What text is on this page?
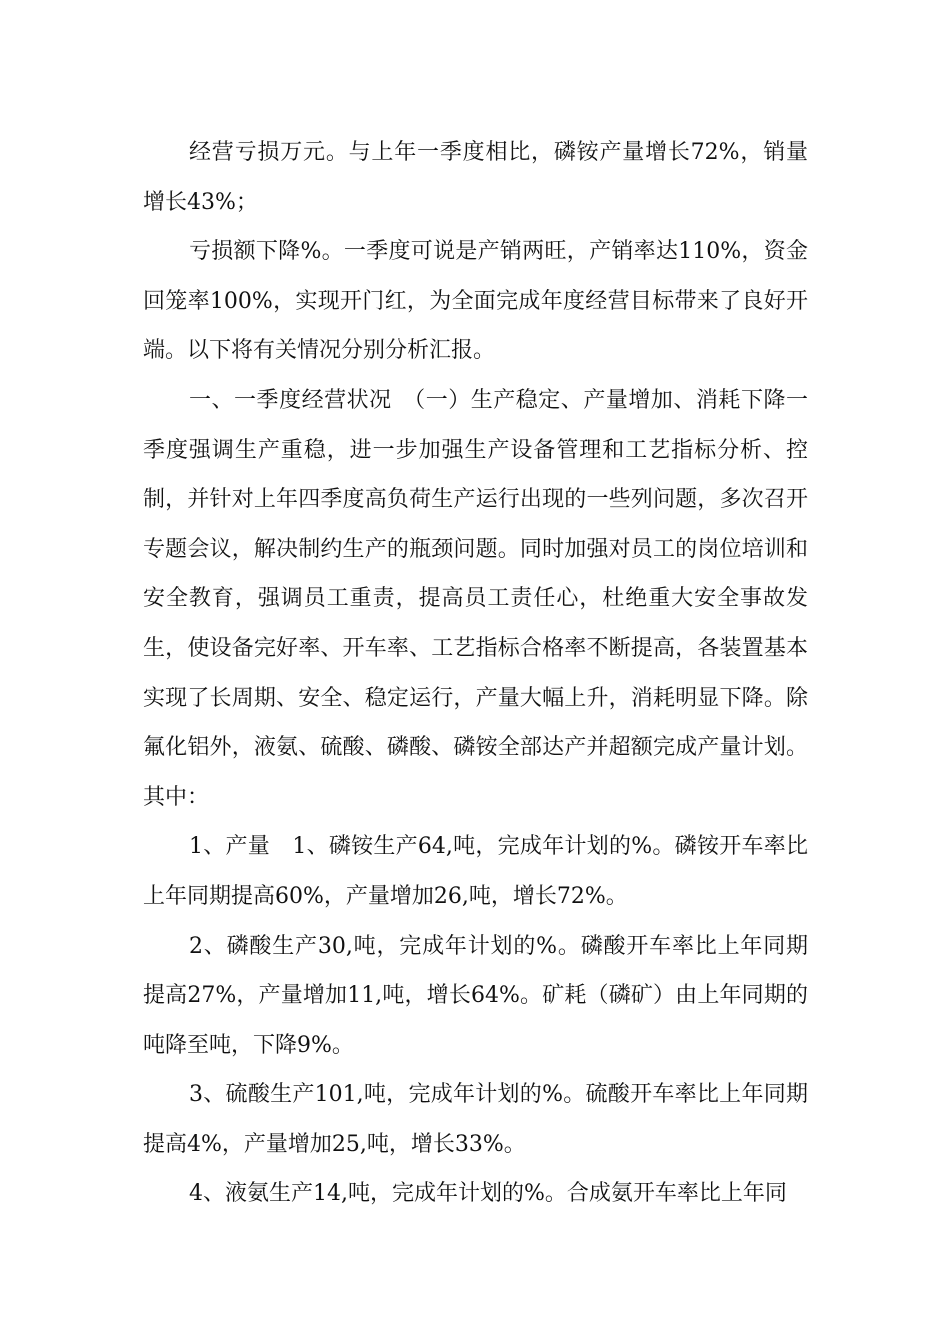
经营亏损万元。与上年一季度相比，磷铵产量增长72%，销量增长43%；

亏损额下降%。一季度可说是产销两旺，产销率达110%，资金回笼率100%，实现开门红，为全面完成年度经营目标带来了良好开端。以下将有关情况分别分析汇报。

一、一季度经营状况　（一）生产稳定、产量增加、消耗下降一季度强调生产重稳，进一步加强生产设备管理和工艺指标分析、控制，并针对上年四季度高负荷生产运行出现的一些列问题，多次召开专题会议，解决制约生产的瓶颈问题。同时加强对员工的岗位培训和安全教育，强调员工重责，提高员工责任心，杜绝重大安全事故发生，使设备完好率、开车率、工艺指标合格率不断提高，各装置基本实现了长周期、安全、稳定运行，产量大幅上升，消耗明显下降。除氟化铝外，液氨、硫酸、磷酸、磷铵全部达产并超额完成产量计划。其中：

1、产量　1、磷铵生产64,吨，完成年计划的%。磷铵开车率比上年同期提高60%，产量增加26,吨，增长72%。

2、磷酸生产30,吨，完成年计划的%。磷酸开车率比上年同期提高27%，产量增加11,吨，增长64%。矿耗（磷矿）由上年同期的吨降至吨，下降9%。

3、硫酸生产101,吨，完成年计划的%。硫酸开车率比上年同期提高4%，产量增加25,吨，增长33%。

4、液氨生产14,吨，完成年计划的%。合成氨开车率比上年同
